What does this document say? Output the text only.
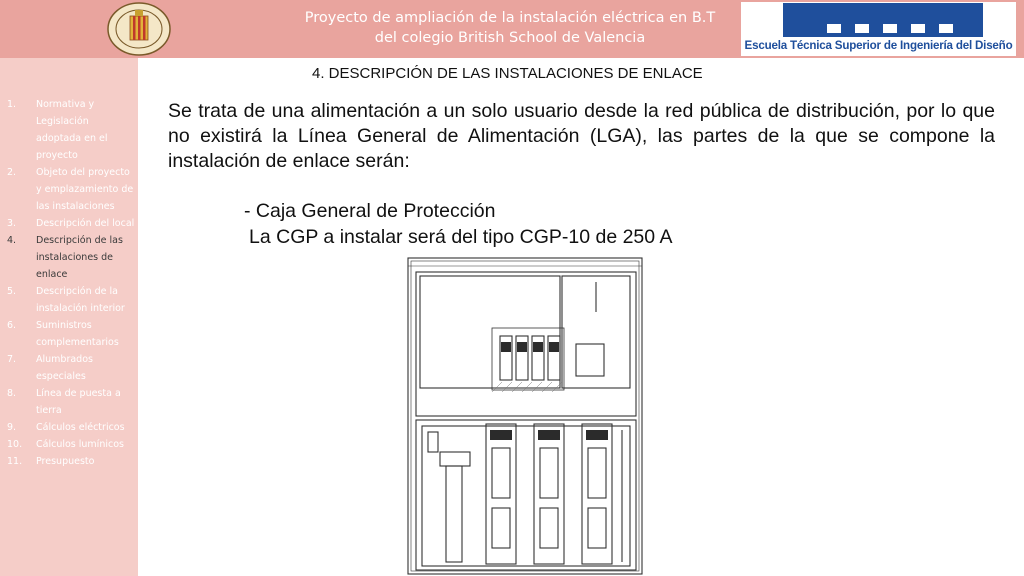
Proyecto de ampliación de la instalación eléctrica en B.T
del colegio British School de Valencia	Escuela Técnica Superior de Ingeniería del Diseño
1.	Normativa y Legislación adoptada en el proyecto
2.	Objeto del proyecto y emplazamiento de las instalaciones
3.	Descripción del local
4.	Descripción de las instalaciones de enlace
5.	Descripción de la instalación interior
6.	Suministros complementarios
7.	Alumbrados especiales
8.	Línea de puesta a tierra
9.	Cálculos eléctricos
10.	Cálculos lumínicos
11.	Presupuesto
4. DESCRIPCIÓN DE LAS INSTALACIONES DE ENLACE
Se trata de una alimentación a un solo usuario desde la red pública de distribución, por lo que no existirá la Línea General de Alimentación (LGA), las partes de la que se compone la instalación de enlace serán:
- Caja General de Protección
La CGP a instalar será del tipo CGP-10 de 250 A
